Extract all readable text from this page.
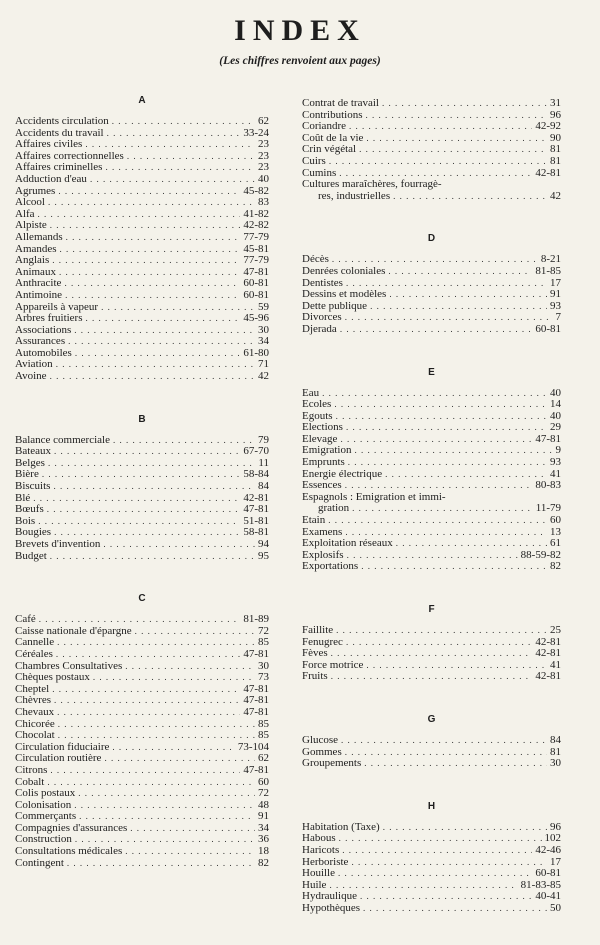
INDEX

(Les chiffres renvoient aux pages)

A
Accidents circulation . . .	62
Accidents du travail . . .	33-24
Affaires civiles . . .	23
Affaires correctionnelles . . .	23
Affaires criminelles . . .	23
Adduction d'eau . . .	40
Agrumes . . .	45-82
Alcool . . .	83
Alfa . . .	41-82
Alpiste . . .	42-82
Allemands . . .	77-79
Amandes . . .	45-81
Anglais . . .	77-79
Animaux . . .	47-81
Anthracite . . .	60-81
Antimoine . . .	60-81
Appareils à vapeur . . .	59
Arbres fruitiers . . .	45-96
Associations . . .	30
Assurances . . .	34
Automobiles . . .	61-80
Aviation . . .	71
Avoine . . .	42
B
Balance commerciale . . .	79
Bateaux . . .	67-70
Belges . . .	11
Bière . . .	58-84
Biscuits . . .	84
Blé . . .	42-81
Bœufs . . .	47-81
Bois . . .	51-81
Bougies . . .	58-81
Brevets d'invention . . .	94
Budget . . .	95
C
Café . . .	81-89
Caisse nationale d'épargne . . .	72
Cannelle . . .	85
Céréales . . .	47-81
Chambres Consultatives . . .	30
Chèques postaux . . .	73
Cheptel . . .	47-81
Chèvres . . .	47-81
Chevaux . . .	47-81
Chicorée . . .	85
Chocolat . . .	85
Circulation fiduciaire . . .	73-104
Circulation routière . . .	62
Citrons . . .	47-81
Cobalt . . .	60
Colis postaux . . .	72
Colonisation . . .	48
Commerçants . . .	91
Compagnies d'assurances . . .	34
Construction . . .	36
Consultations médicales . . .	18
Contingent . . .	82
Contrat de travail . . .	31
Contributions . . .	96
Coriandre . . .	42-92
Coût de la vie . . .	90
Crin végétal . . .	81
Cuirs . . .	81
Cumins . . .	42-81
Cultures maraîchères, fourragè-
res, industrielles . . .	42
D
Décès . . .	8-21
Denrées coloniales . . .	81-85
Dentistes . . .	17
Dessins et modèles . . .	91
Dette publique . . .	93
Divorces . . .	7
Djerada . . .	60-81
E
Eau . . .	40
Ecoles . . .	14
Egouts . . .	40
Elections . . .	29
Elevage . . .	47-81
Emigration . . .	9
Emprunts . . .	93
Energie électrique . . .	41
Essences . . .	80-83
Espagnols : Emigration et immi-
gration . . .	11-79
Etain . . .	60
Examens . . .	13
Exploitation réseaux . . .	61
Explosifs . . .	88-59-82
Exportations . . .	82
F
Faillite . . .	25
Fenugrec . . .	42-81
Fèves . . .	42-81
Force motrice . . .	41
Fruits . . .	42-81
G
Glucose . . .	84
Gommes . . .	81
Groupements . . .	30
H
Habitation (Taxe) . . .	96
Habous . . .	102
Haricots . . .	42-46
Herboriste . . .	17
Houille . . .	60-81
Huile . . .	81-83-85
Hydraulique . . .	40-41
Hypothèques . . .	50
